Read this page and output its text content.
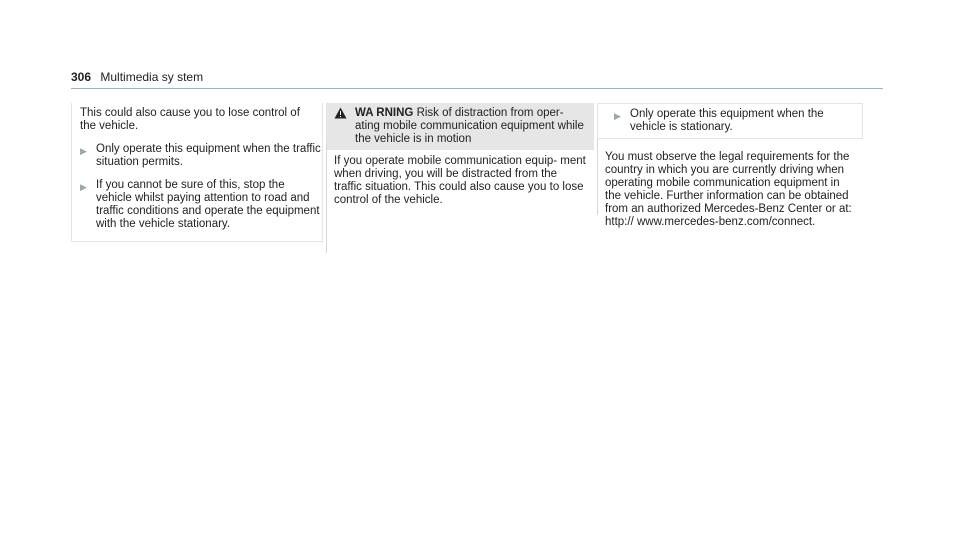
306 Multimedia sy stem
This could also cause you to lose control of the vehicle.
▶ Only operate this equipment when the traffic situation permits.
▶ If you cannot be sure of this, stop the vehicle whilst paying attention to road and traffic conditions and operate the equipment with the vehicle stationary.
WA RNING Risk of distraction from oper- ating mobile communication equipment while the vehicle is in motion
If you operate mobile communication equip- ment when driving, you will be distracted from the traffic situation. This could also cause you to lose control of the vehicle.
▶ Only operate this equipment when the vehicle is stationary.
You must observe the legal requirements for the country in which you are currently driving when operating mobile communication equipment in the vehicle. Further information can be obtained from an authorized Mercedes-Benz Center or at: http:// www.mercedes-benz.com/connect.
